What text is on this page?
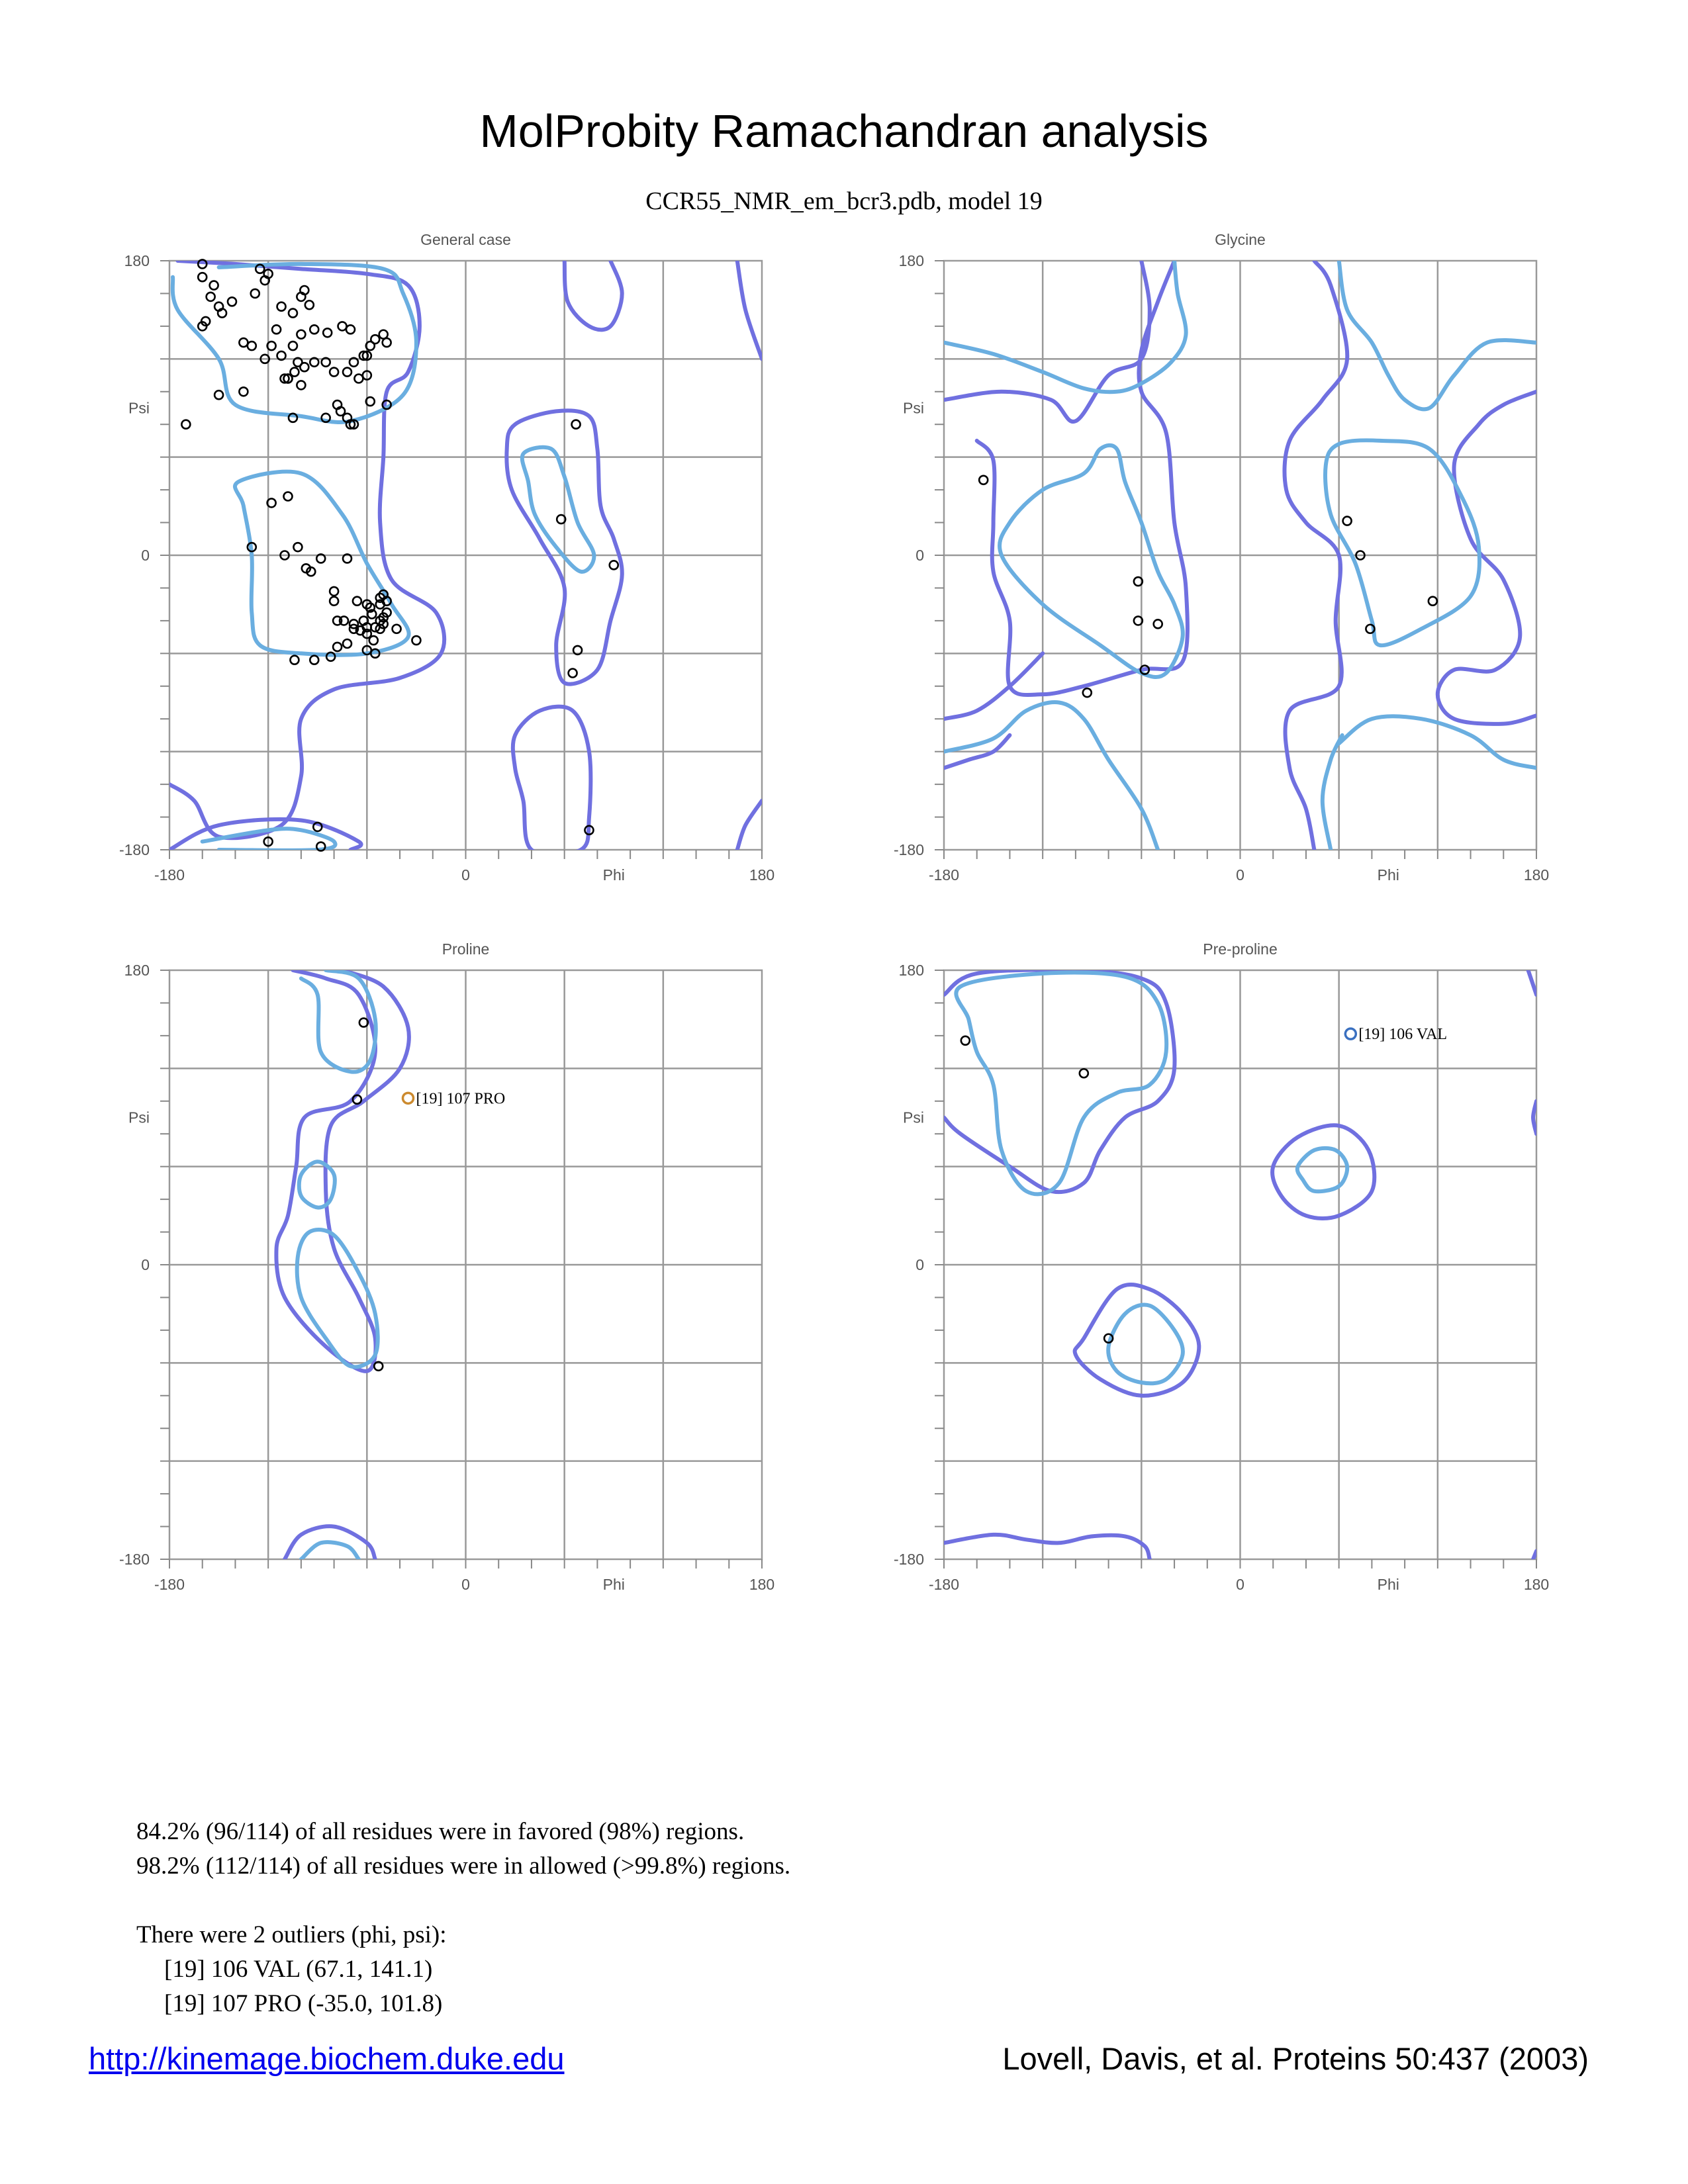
MolProbity Ramachandran analysis
CCR55_NMR_em_bcr3.pdb, model 19
General case
-180
-180
0
0
180
180
Phi
Psi
Glycine
-180
-180
0
0
180
180
Phi
Psi
[19] 107 PRO
Proline
-180
-180
0
0
180
180
Phi
Psi
[19] 106 VAL
Pre-proline
-180
-180
0
0
180
180
Phi
Psi
84.2% (96/114) of all residues were in favored (98%) regions.
98.2% (112/114) of all residues were in allowed (>99.8%) regions.
There were 2 outliers (phi, psi):
[19] 106 VAL (67.1, 141.1)
[19] 107 PRO (-35.0, 101.8)
http://kinemage.biochem.duke.edu	Lovell, Davis, et al. Proteins 50:437 (2003)
